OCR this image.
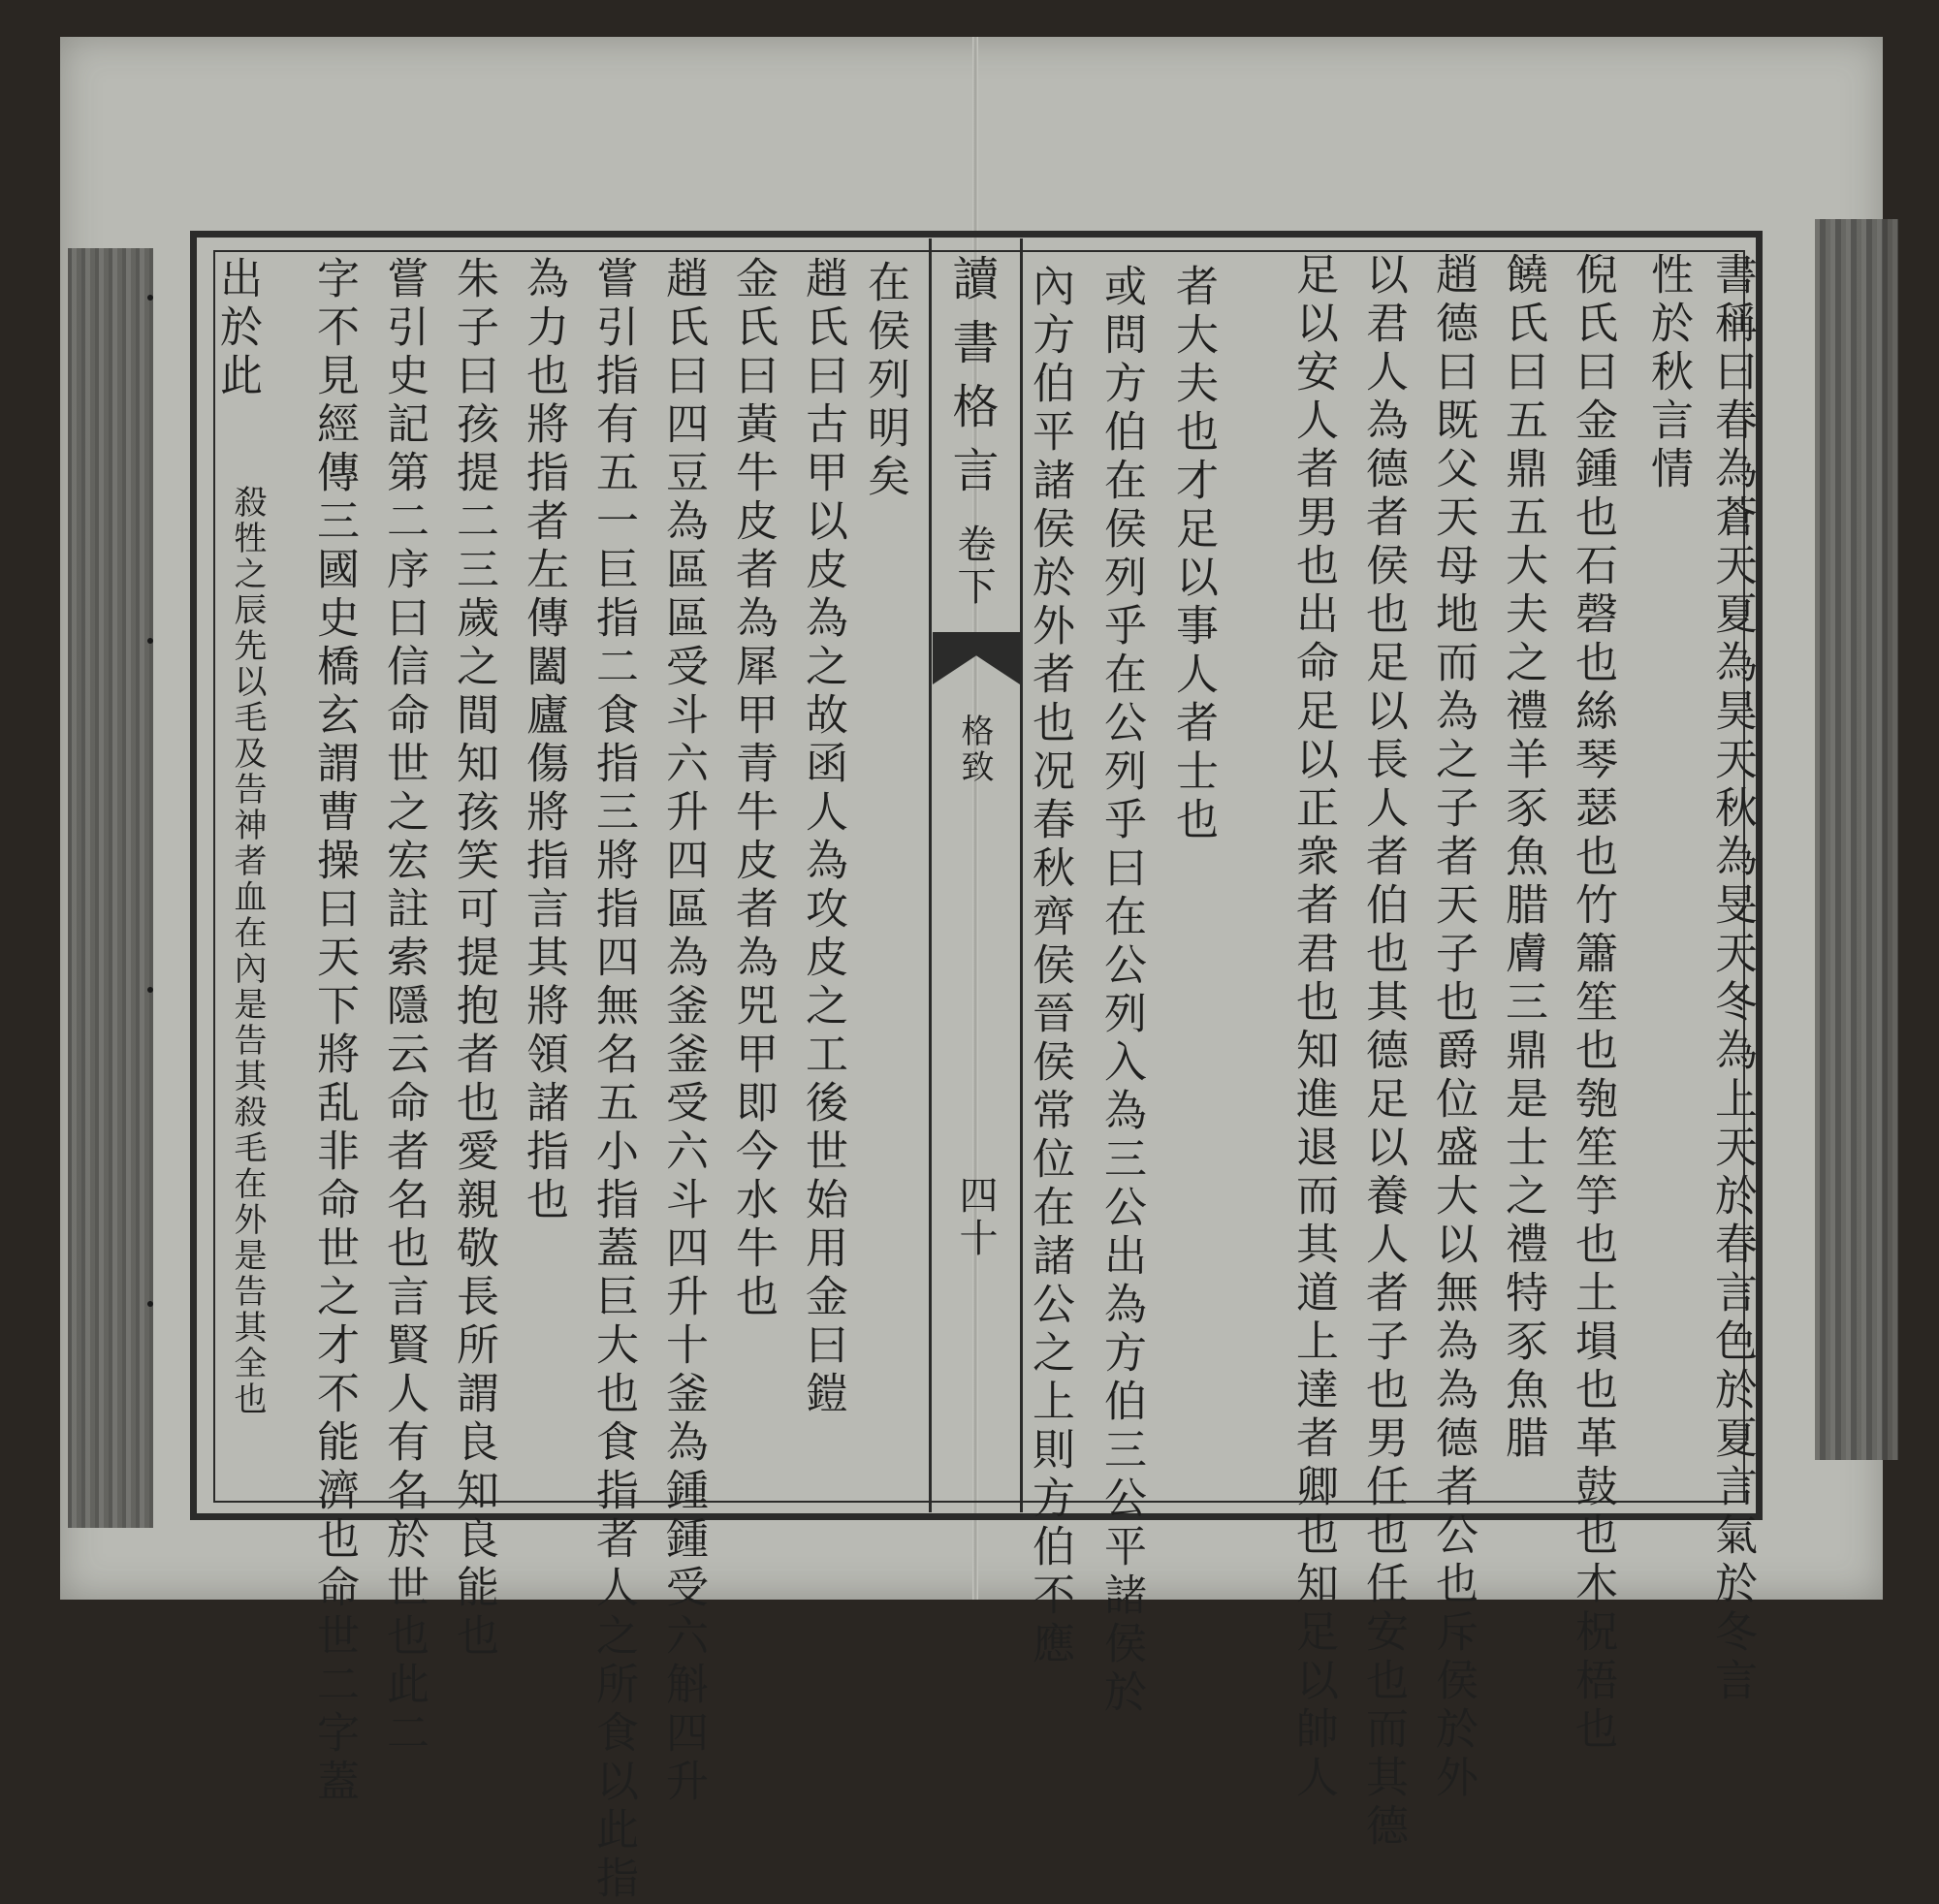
讀書格言
卷下
格致
四十	書稱曰春為蒼天夏為昊天秋為旻天冬為上天於春言色於夏言氣於冬言
性於秋言情
倪氏曰金鍾也石磬也絲琴瑟也竹簫笙也匏笙竽也土塤也革鼓也木柷梧也
饒氏曰五鼎五大夫之禮羊豕魚腊膚三鼎是士之禮特豕魚腊
趙德曰既父天母地而為之子者天子也爵位盛大以無為為德者公也斥侯於外
以君人為德者侯也足以長人者伯也其德足以養人者子也男任也任安也而其德
足以安人者男也出命足以正衆者君也知進退而其道上達者卿也知足以帥人
者大夫也才足以事人者士也
或問方伯在侯列乎在公列乎曰在公列入為三公出為方伯三公平諸侯於
內方伯平諸侯於外者也况春秋齊侯晉侯常位在諸公之上則方伯不應
在侯列明矣
趙氏曰古甲以皮為之故函人為攻皮之工後世始用金曰鎧
金氏曰黃牛皮者為犀甲青牛皮者為兕甲即今水牛也
趙氏曰四豆為區區受斗六升四區為釜釜受六斗四升十釜為鍾鍾受六斛四升
嘗引指有五一巨指二食指三將指四無名五小指蓋巨大也食指者人之所食以此指
為力也將指者左傳闔廬傷將指言其將領諸指也
朱子曰孩提二三歲之間知孩笑可提抱者也愛親敬長所謂良知良能也
嘗引史記第二序曰信命世之宏註索隱云命者名也言賢人有名於世也此二
字不見經傳三國史橋玄謂曹操曰天下將乱非命世之才不能濟也命世二字蓋
出於此
殺牲之辰先以毛及告神者血在內是告其殺毛在外是告其全也
